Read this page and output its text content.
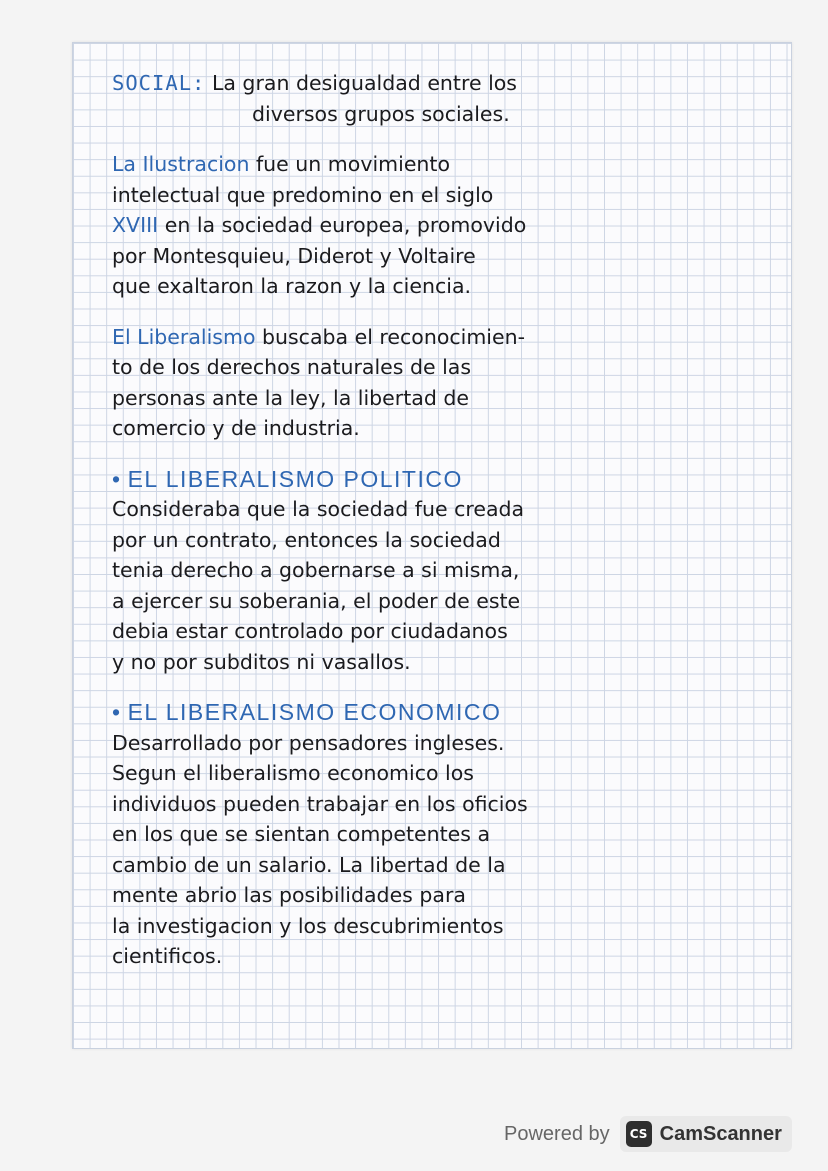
SOCIAL: La gran desigualdad entre los
diversos grupos sociales.
La Ilustracion fue un movimiento
intelectual que predomino en el siglo
XVIII en la sociedad europea, promovido
por Montesquieu, Diderot y Voltaire
que exaltaron la razon y la ciencia.
El Liberalismo buscaba el reconocimien-
to de los derechos naturales de las
personas ante la ley, la libertad de
comercio y de industria.
• EL LIBERALISMO POLITICO
Consideraba que la sociedad fue creada
por un contrato, entonces la sociedad
tenia derecho a gobernarse a si misma,
a ejercer su soberania, el poder de este
debia estar controlado por ciudadanos
y no por subditos ni vasallos.
• EL LIBERALISMO ECONOMICO
Desarrollado por pensadores ingleses.
Segun el liberalismo economico los
individuos pueden trabajar en los oficios
en los que se sientan competentes a
cambio de un salario. La libertad de la
mente abrio las posibilidades para
la investigacion y los descubrimientos
cientificos.
Powered by	CS CamScanner
